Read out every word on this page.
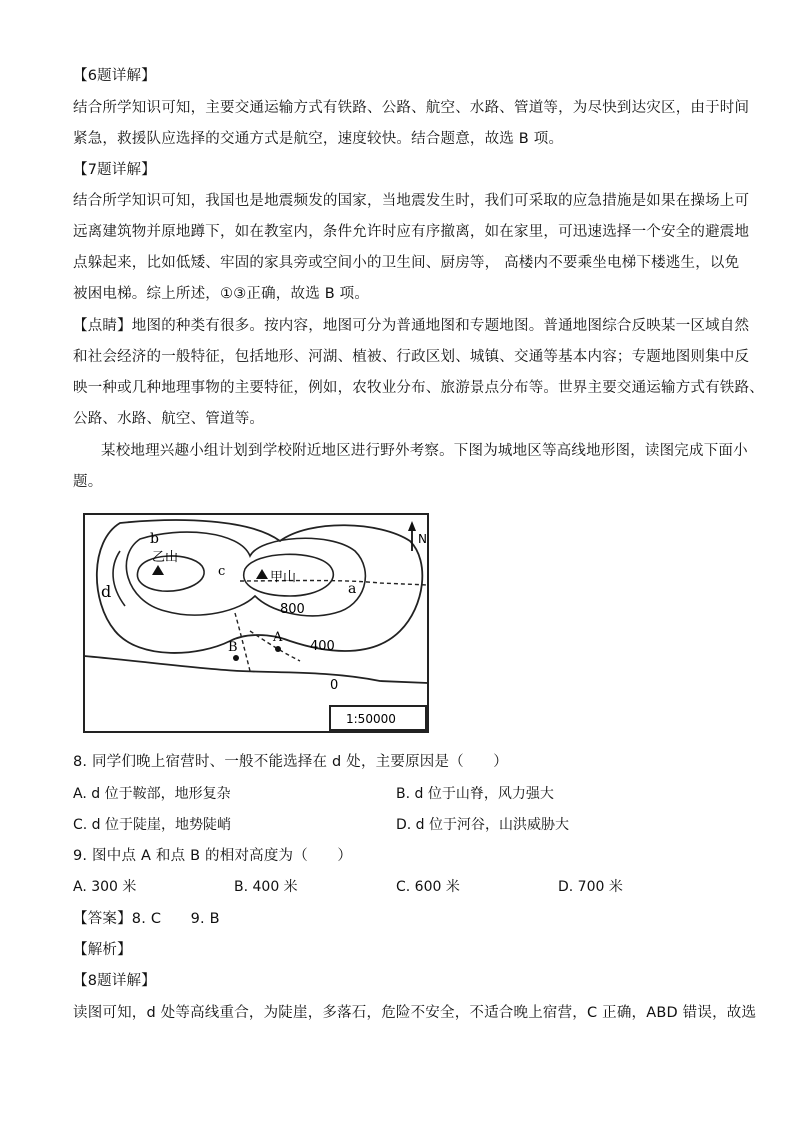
【6题详解】
结合所学知识可知，主要交通运输方式有铁路、公路、航空、水路、管道等，为尽快到达灾区，由于时间
紧急，救援队应选择的交通方式是航空，速度较快。结合题意，故选 B 项。
【7题详解】
结合所学知识可知，我国也是地震频发的国家，当地震发生时，我们可采取的应急措施是如果在操场上可
远离建筑物并原地蹲下，如在教室内，条件允许时应有序撤离，如在家里，可迅速选择一个安全的避震地
点躲起来，比如低矮、牢固的家具旁或空间小的卫生间、厨房等， 高楼内不要乘坐电梯下楼逃生，以免
被困电梯。综上所述，①③正确，故选 B 项。
【点睛】地图的种类有很多。按内容，地图可分为普通地图和专题地图。普通地图综合反映某一区域自然
和社会经济的一般特征，包括地形、河湖、植被、行政区划、城镇、交通等基本内容；专题地图则集中反
映一种或几种地理事物的主要特征，例如，农牧业分布、旅游景点分布等。世界主要交通运输方式有铁路、
公路、水路、航空、管道等。
某校地理兴趣小组计划到学校附近地区进行野外考察。下图为城地区等高线地形图，读图完成下面小
题。
乙山
甲山
b
c
d	a
800
400
0
A
B
N
1:50000
8. 同学们晚上宿营时、一般不能选择在 d 处，主要原因是（　　）
A. d 位于鞍部，地形复杂	B. d 位于山脊，风力强大
C. d 位于陡崖，地势陡峭	D. d 位于河谷，山洪威胁大
9. 图中点 A 和点 B 的相对高度为（　　）
A. 300 米	B. 400 米	C. 600 米	D. 700 米
【答案】8. C　　9. B
【解析】
【8题详解】
读图可知，d 处等高线重合，为陡崖，多落石，危险不安全，不适合晚上宿营，C 正确，ABD 错误，故选
